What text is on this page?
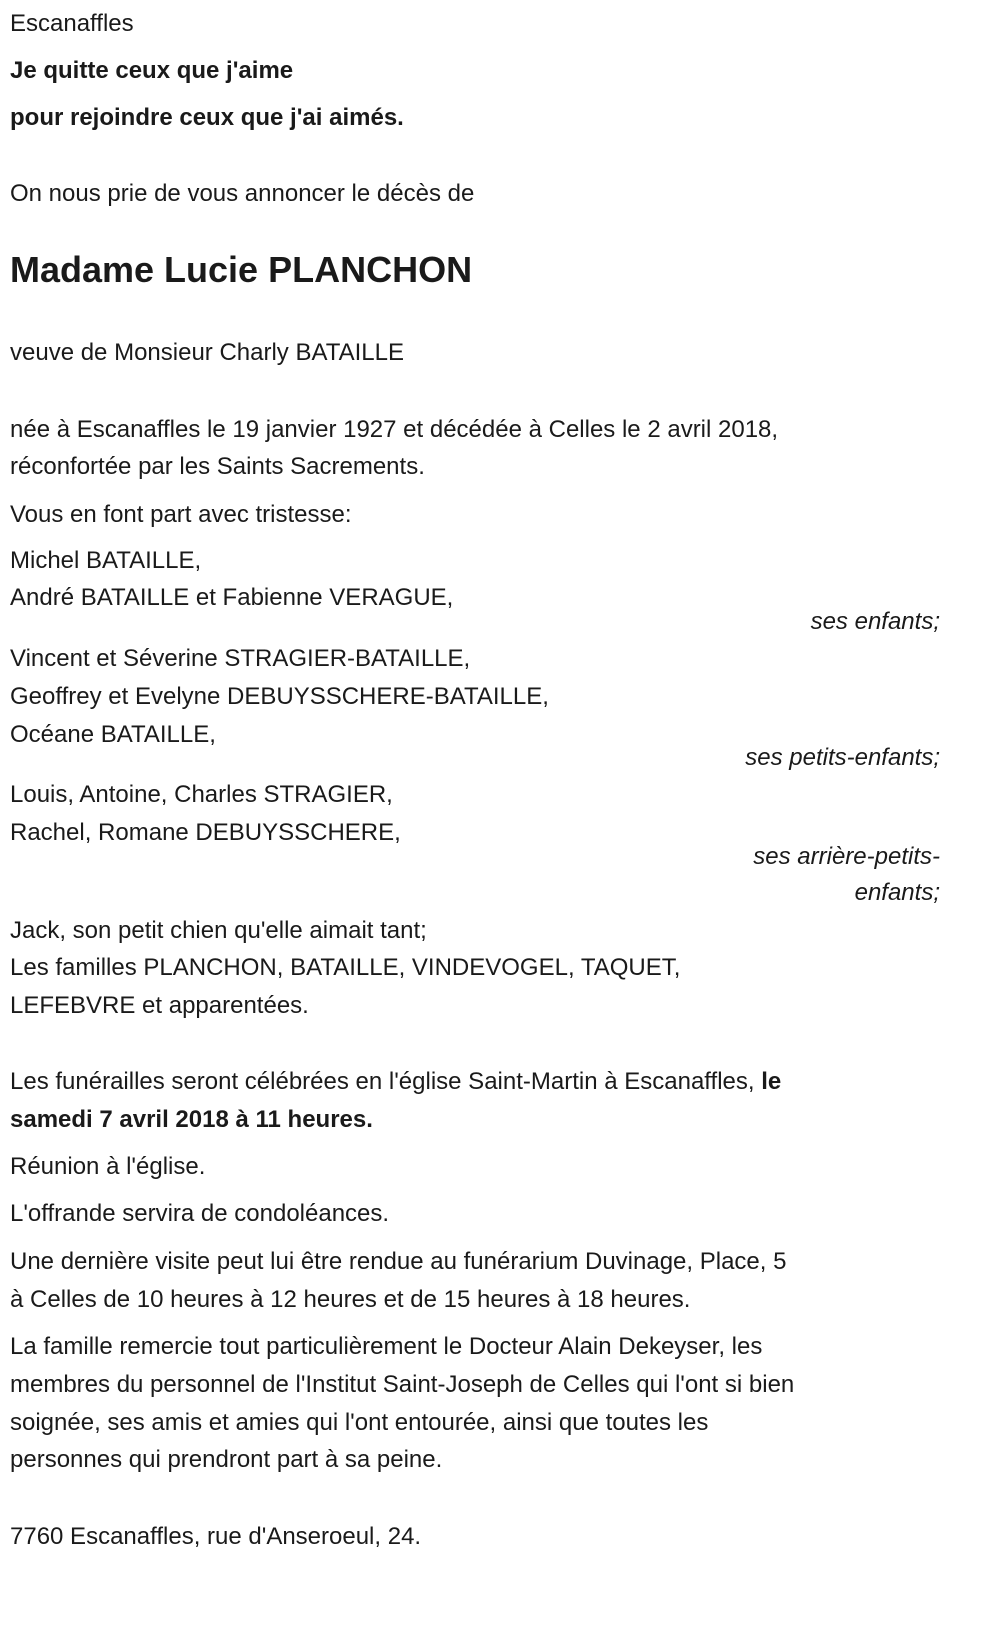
Escanaffles
Je quitte ceux que j'aime
pour rejoindre ceux que j'ai aimés.
On nous prie de vous annoncer le décès de
Madame Lucie PLANCHON
veuve de Monsieur Charly BATAILLE
née à Escanaffles le 19 janvier 1927 et décédée à Celles le 2 avril 2018,
réconfortée par les Saints Sacrements.
Vous en font part avec tristesse:
Michel BATAILLE,
André BATAILLE et Fabienne VERAGUE,
ses enfants;
Vincent et Séverine STRAGIER-BATAILLE,
Geoffrey et Evelyne DEBUYSSCHERE-BATAILLE,
Océane BATAILLE,
ses petits-enfants;
Louis, Antoine, Charles STRAGIER,
Rachel, Romane DEBUYSSCHERE,
ses arrière-petits-
enfants;
Jack, son petit chien qu'elle aimait tant;
Les familles PLANCHON, BATAILLE, VINDEVOGEL, TAQUET,
LEFEBVRE et apparentées.
Les funérailles seront célébrées en l'église Saint-Martin à Escanaffles, le
samedi 7 avril 2018 à 11 heures.
Réunion à l'église.
L'offrande servira de condoléances.
Une dernière visite peut lui être rendue au funérarium Duvinage, Place, 5
à Celles de 10 heures à 12 heures et de 15 heures à 18 heures.
La famille remercie tout particulièrement le Docteur Alain Dekeyser, les
membres du personnel de l'Institut Saint-Joseph de Celles qui l'ont si bien
soignée, ses amis et amies qui l'ont entourée, ainsi que toutes les
personnes qui prendront part à sa peine.
7760 Escanaffles, rue d'Anseroeul, 24.
